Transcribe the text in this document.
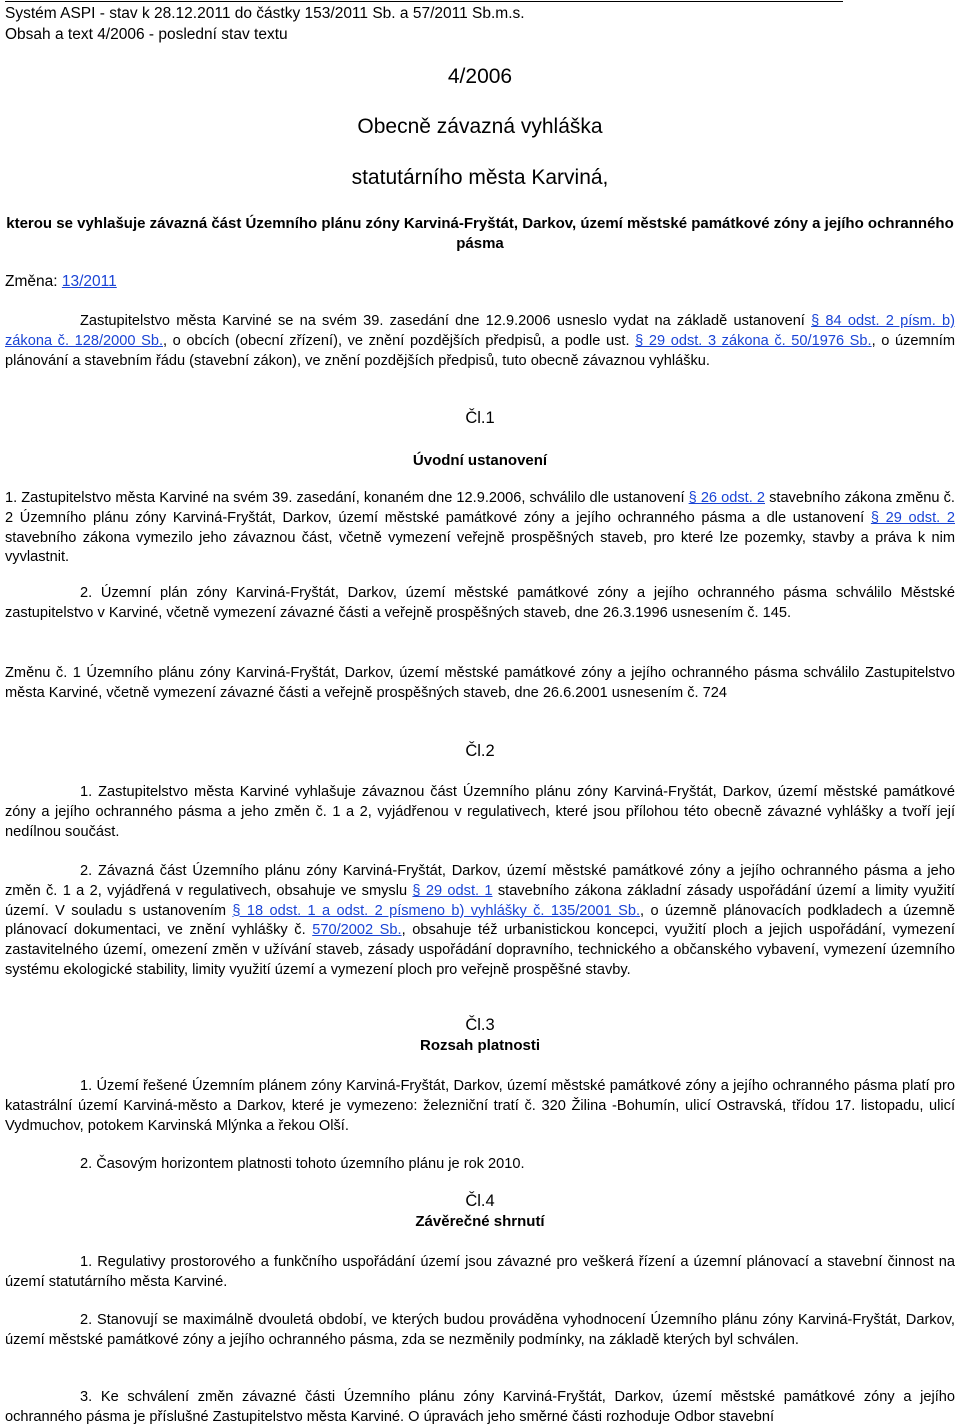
Systém ASPI - stav k 28.12.2011 do částky 153/2011 Sb. a 57/2011 Sb.m.s.
Obsah a text 4/2006 - poslední stav textu
4/2006
Obecně závazná vyhláška
statutárního města Karviná,
kterou se vyhlašuje závazná část Územního plánu zóny Karviná-Fryštát, Darkov, území městské památkové zóny a jejího ochranného pásma
Změna: 13/2011
Zastupitelstvo města Karviné se na svém 39. zasedání dne 12.9.2006 usneslo vydat na základě ustanovení § 84 odst. 2 písm. b) zákona č. 128/2000 Sb., o obcích (obecní zřízení), ve znění pozdějších předpisů, a podle ust. § 29 odst. 3 zákona č. 50/1976 Sb., o územním plánování a stavebním řádu (stavební zákon), ve znění pozdějších předpisů, tuto obecně závaznou vyhlášku.
Čl.1
Úvodní ustanovení
1. Zastupitelstvo města Karviné na svém 39. zasedání, konaném dne 12.9.2006, schválilo dle ustanovení § 26 odst. 2 stavebního zákona změnu č. 2 Územního plánu zóny Karviná-Fryštát, Darkov, území městské památkové zóny a jejího ochranného pásma a dle ustanovení § 29 odst. 2 stavebního zákona vymezilo jeho závaznou část, včetně vymezení veřejně prospěšných staveb, pro které lze pozemky, stavby a práva k nim vyvlastnit.
2. Územní plán zóny Karviná-Fryštát, Darkov, území městské památkové zóny a jejího ochranného pásma schválilo Městské zastupitelstvo v Karviné, včetně vymezení závazné části a veřejně prospěšných staveb, dne 26.3.1996 usnesením č. 145.
Změnu č. 1 Územního plánu zóny Karviná-Fryštát, Darkov, území městské památkové zóny a jejího ochranného pásma schválilo Zastupitelstvo města Karviné, včetně vymezení závazné části a veřejně prospěšných staveb, dne 26.6.2001 usnesením č. 724
Čl.2
1. Zastupitelstvo města Karviné vyhlašuje závaznou část Územního plánu zóny Karviná-Fryštát, Darkov, území městské památkové zóny a jejího ochranného pásma a jeho změn č. 1 a 2, vyjádřenou v regulativech, které jsou přílohou této obecně závazné vyhlášky a tvoří její nedílnou součást.
2. Závazná část Územního plánu zóny Karviná-Fryštát, Darkov, území městské památkové zóny a jejího ochranného pásma a jeho změn č. 1 a 2, vyjádřená v regulativech, obsahuje ve smyslu § 29 odst. 1 stavebního zákona základní zásady uspořádání území a limity využití území. V souladu s ustanovením § 18 odst. 1 a odst. 2 písmeno b) vyhlášky č. 135/2001 Sb., o územně plánovacích podkladech a územně plánovací dokumentaci, ve znění vyhlášky č. 570/2002 Sb., obsahuje též urbanistickou koncepci, využití ploch a jejich uspořádání, vymezení zastavitelného území, omezení změn v užívání staveb, zásady uspořádání dopravního, technického a občanského vybavení, vymezení územního systému ekologické stability, limity využití území a vymezení ploch pro veřejně prospěšné stavby.
Čl.3
Rozsah platnosti
1. Území řešené Územním plánem zóny Karviná-Fryštát, Darkov, území městské památkové zóny a jejího ochranného pásma platí pro katastrální území Karviná-město a Darkov, které je vymezeno: železniční tratí č. 320 Žilina -Bohumín, ulicí Ostravská, třídou 17. listopadu, ulicí Vydmuchov, potokem Karvinská Mlýnka a řekou Olší.
2. Časovým horizontem platnosti tohoto územního plánu je rok 2010.
Čl.4
Závěrečné shrnutí
1. Regulativy prostorového a funkčního uspořádání území jsou závazné pro veškerá řízení a územní plánovací a stavební činnost na území statutárního města Karviné.
2. Stanovují se maximálně dvouletá období, ve kterých budou prováděna vyhodnocení Územního plánu zóny Karviná-Fryštát, Darkov, území městské památkové zóny a jejího ochranného pásma, zda se nezměnily podmínky, na základě kterých byl schválen.
3. Ke schválení změn závazné části Územního plánu zóny Karviná-Fryštát, Darkov, území městské památkové zóny a jejího ochranného pásma je příslušné Zastupitelstvo města Karviné. O úpravách jeho směrné části rozhoduje Odbor stavební
